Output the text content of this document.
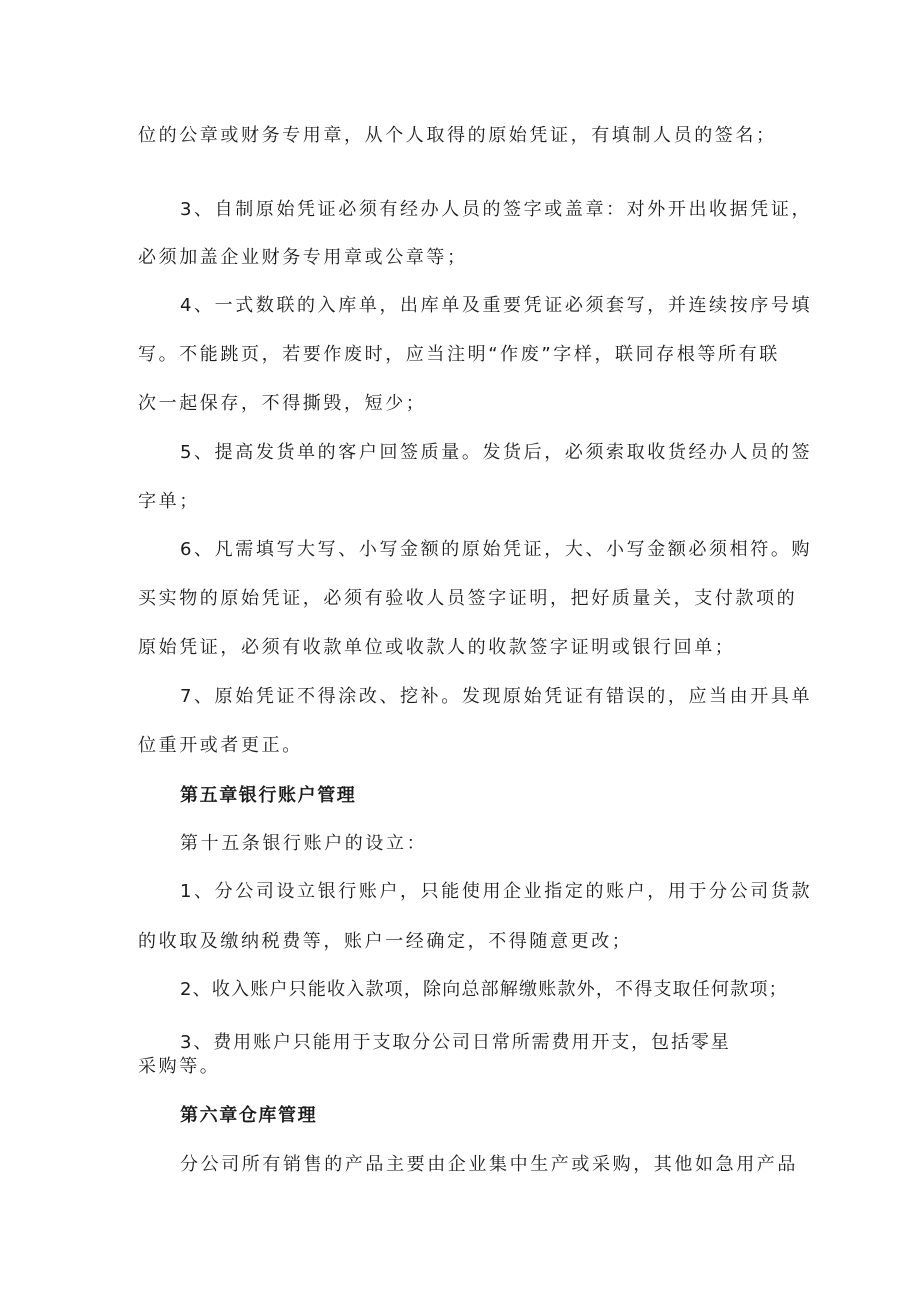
位的公章或财务专用章，从个人取得的原始凭证，有填制人员的签名；
3、自制原始凭证必须有经办人员的签字或盖章：对外开出收据凭证，
必须加盖企业财务专用章或公章等；
4、一式数联的入库单，出库单及重要凭证必须套写，并连续按序号填
写。不能跳页，若要作废时，应当注明“作废”字样，联同存根等所有联
次一起保存，不得撕毁，短少；
5、提高发货单的客户回签质量。发货后，必须索取收货经办人员的签
字单；
6、凡需填写大写、小写金额的原始凭证，大、小写金额必须相符。购
买实物的原始凭证，必须有验收人员签字证明，把好质量关，支付款项的
原始凭证，必须有收款单位或收款人的收款签字证明或银行回单；
7、原始凭证不得涂改、挖补。发现原始凭证有错误的，应当由开具单
位重开或者更正。
第五章银行账户管理
第十五条银行账户的设立：
1、分公司设立银行账户，只能使用企业指定的账户，用于分公司货款
的收取及缴纳税费等，账户一经确定，不得随意更改；
2、收入账户只能收入款项，除向总部解缴账款外，不得支取任何款项；
3、费用账户只能用于支取分公司日常所需费用开支，包括零星
采购等。
第六章仓库管理
分公司所有销售的产品主要由企业集中生产或采购，其他如急用产品
